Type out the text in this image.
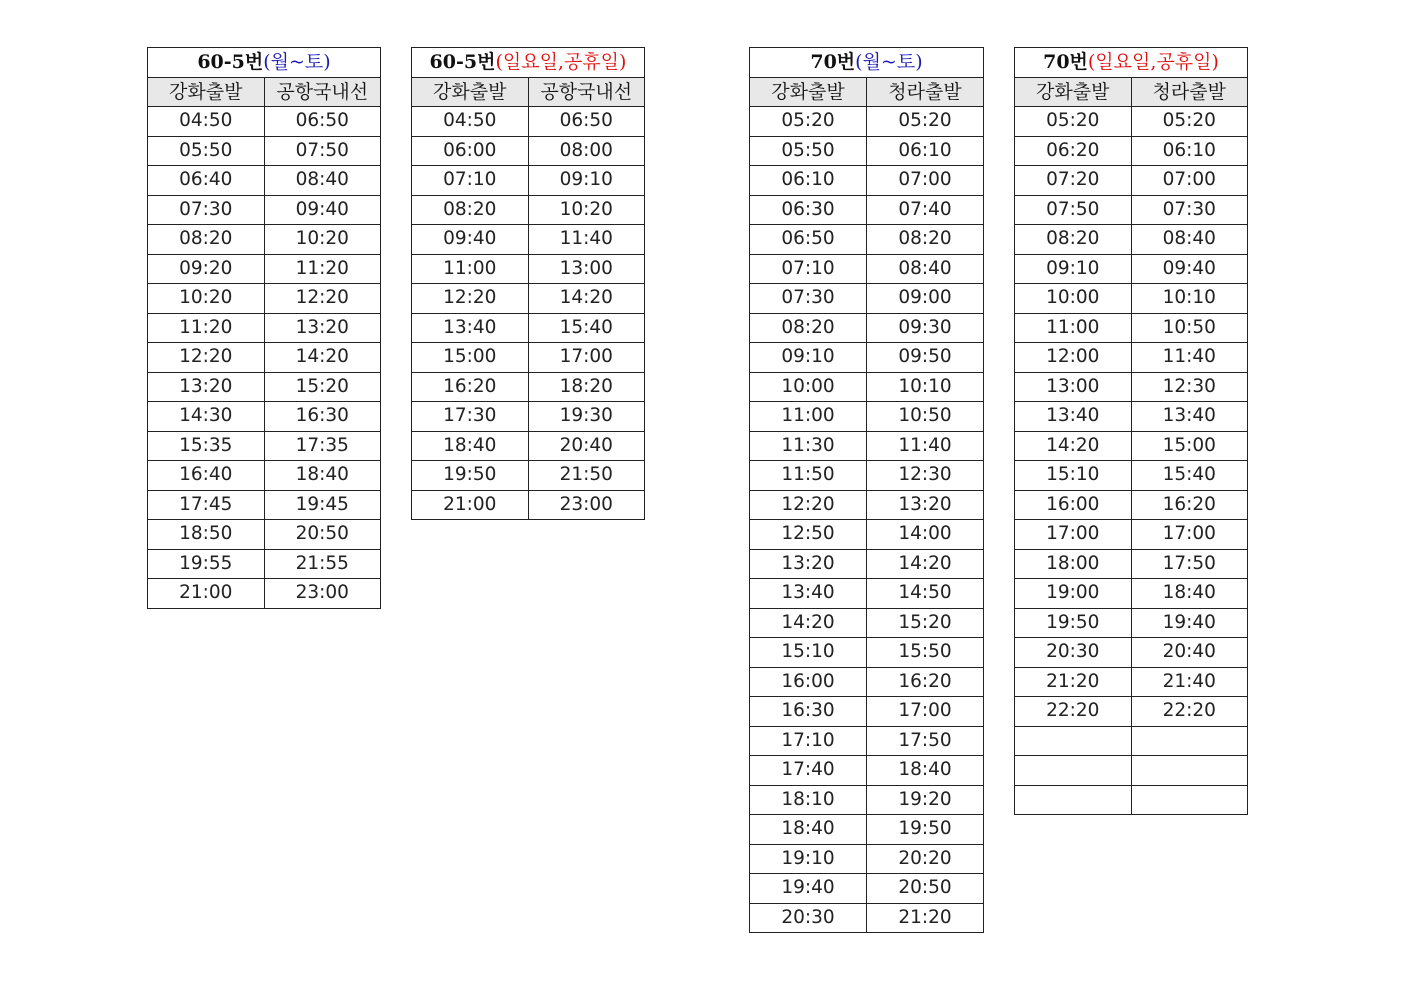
60-5번(월~토)	
강화출발	공항국내선
04:50	06:50
05:50	07:50
06:40	08:40
07:30	09:40
08:20	10:20
09:20	11:20
10:20	12:20
11:20	13:20
12:20	14:20
13:20	15:20
14:30	16:30
15:35	17:35
16:40	18:40
17:45	19:45
18:50	20:50
19:55	21:55
21:00	23:00
60-5번(일요일,공휴일)	
강화출발	공항국내선
04:50	06:50
06:00	08:00
07:10	09:10
08:20	10:20
09:40	11:40
11:00	13:00
12:20	14:20
13:40	15:40
15:00	17:00
16:20	18:20
17:30	19:30
18:40	20:40
19:50	21:50
21:00	23:00
70번(월~토)	
강화출발	청라출발
05:20	05:20
05:50	06:10
06:10	07:00
06:30	07:40
06:50	08:20
07:10	08:40
07:30	09:00
08:20	09:30
09:10	09:50
10:00	10:10
11:00	10:50
11:30	11:40
11:50	12:30
12:20	13:20
12:50	14:00
13:20	14:20
13:40	14:50
14:20	15:20
15:10	15:50
16:00	16:20
16:30	17:00
17:10	17:50
17:40	18:40
18:10	19:20
18:40	19:50
19:10	20:20
19:40	20:50
20:30	21:20
70번(일요일,공휴일)	
강화출발	청라출발
05:20	05:20
06:20	06:10
07:20	07:00
07:50	07:30
08:20	08:40
09:10	09:40
10:00	10:10
11:00	10:50
12:00	11:40
13:00	12:30
13:40	13:40
14:20	15:00
15:10	15:40
16:00	16:20
17:00	17:00
18:00	17:50
19:00	18:40
19:50	19:40
20:30	20:40
21:20	21:40
22:20	22:20
